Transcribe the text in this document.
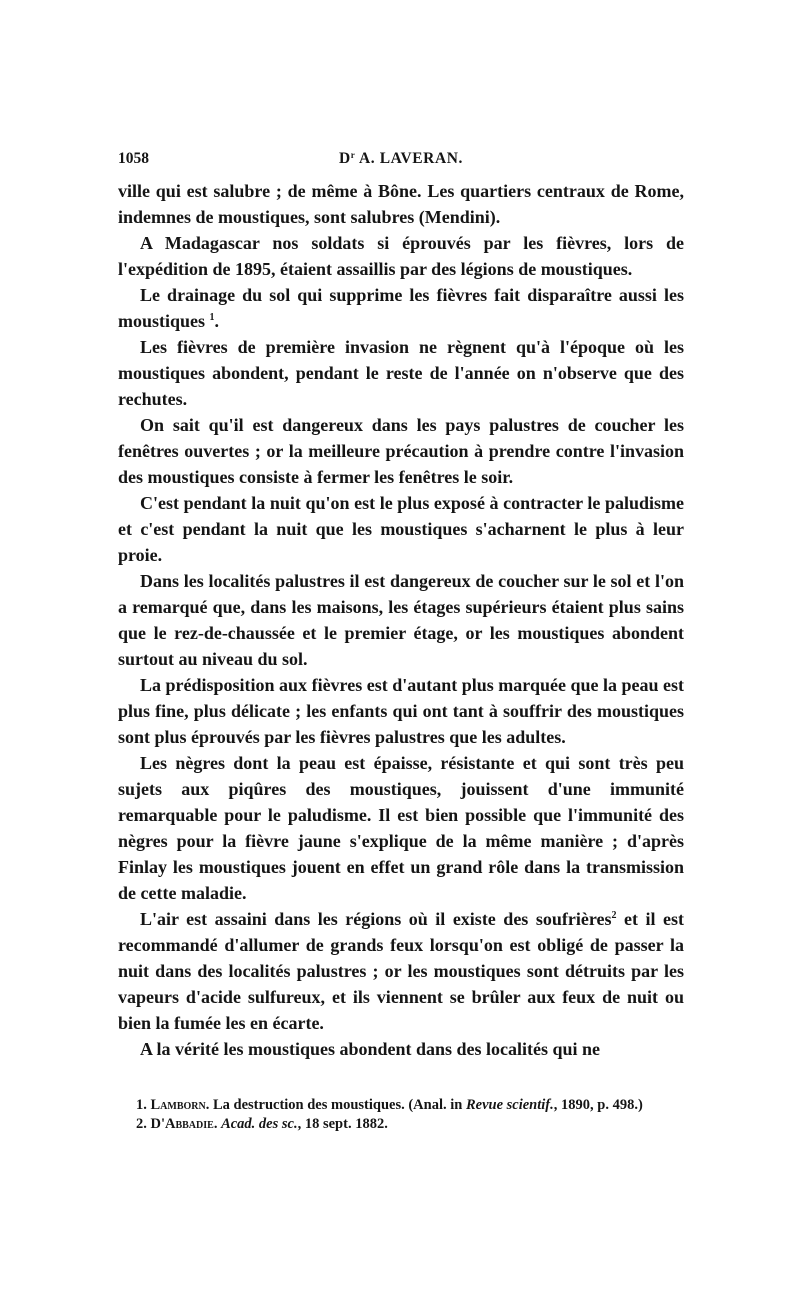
1058	$D^r$ A. LAVERAN.

ville qui est salubre ; de même à Bône. Les quartiers centraux de Rome, indemnes de moustiques, sont salubres (Mendini).

A Madagascar nos soldats si éprouvés par les fièvres, lors de l'expédition de 1895, étaient assaillis par des légions de moustiques.

Le drainage du sol qui supprime les fièvres fait disparaître aussi les moustiques $^1$.

Les fièvres de première invasion ne règnent qu'à l'époque où les moustiques abondent, pendant le reste de l'année on n'observe que des rechutes.

On sait qu'il est dangereux dans les pays palustres de coucher les fenêtres ouvertes ; or la meilleure précaution à prendre contre l'invasion des moustiques consiste à fermer les fenêtres le soir.

C'est pendant la nuit qu'on est le plus exposé à contracter le paludisme et c'est pendant la nuit que les moustiques s'acharnent le plus à leur proie.

Dans les localités palustres il est dangereux de coucher sur le sol et l'on a remarqué que, dans les maisons, les étages supérieurs étaient plus sains que le rez-de-chaussée et le premier étage, or les moustiques abondent surtout au niveau du sol.

La prédisposition aux fièvres est d'autant plus marquée que la peau est plus fine, plus délicate ; les enfants qui ont tant à souffrir des moustiques sont plus éprouvés par les fièvres palustres que les adultes.

Les nègres dont la peau est épaisse, résistante et qui sont très peu sujets aux piqûres des moustiques, jouissent d'une immunité remarquable pour le paludisme. Il est bien possible que l'immunité des nègres pour la fièvre jaune s'explique de la même manière ; d'après Finlay les moustiques jouent en effet un grand rôle dans la transmission de cette maladie.

L'air est assaini dans les régions où il existe des soufrières$^2$ et il est recommandé d'allumer de grands feux lorsqu'on est obligé de passer la nuit dans des localités palustres ; or les moustiques sont détruits par les vapeurs d'acide sulfureux, et ils viennent se brûler aux feux de nuit ou bien la fumée les en écarte.

A la vérité les moustiques abondent dans des localités qui ne

1. Lamborn. La destruction des moustiques. (Anal. in Revue scientif., 1890, p. 498.)

2. D'Abbadie. Acad. des sc., 18 sept. 1882.
